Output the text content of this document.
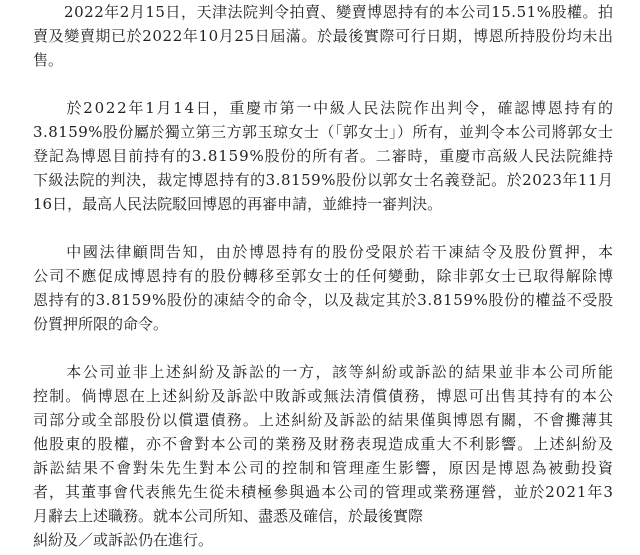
　　2022年2月15日，天津法院判令拍賣、變賣博恩持有的本公司15.51%股權。拍
賣及變賣期已於2022年10月25日屆滿。於最後實際可行日期，博恩所持股份均未出
售。
　　於2022年1月14日，重慶市第一中級人民法院作出判令，確認博恩持有的
3.8159%股份屬於獨立第三方郭玉琼女士（「郭女士」）所有，並判令本公司將郭女士
登記為博恩目前持有的3.8159%股份的所有者。二審時，重慶市高級人民法院維持
下級法院的判決，裁定博恩持有的3.8159%股份以郭女士名義登記。於2023年11月
16日，最高人民法院駁回博恩的再審申請，並維持一審判決。
　　中國法律顧問告知，由於博恩持有的股份受限於若干凍結令及股份質押，本
公司不應促成博恩持有的股份轉移至郭女士的任何變動，除非郭女士已取得解除博
恩持有的3.8159%股份的凍結令的命令，以及裁定其於3.8159%股份的權益不受股
份質押所限的命令。
　　本公司並非上述糾紛及訴訟的一方，該等糾紛或訴訟的結果並非本公司所能
控制。倘博恩在上述糾紛及訴訟中敗訴或無法清償債務，博恩可出售其持有的本公
司部分或全部股份以償還債務。上述糾紛及訴訟的結果僅與博恩有關，不會攤薄其
他股東的股權，亦不會對本公司的業務及財務表現造成重大不利影響。上述糾紛及
訴訟結果不會對朱先生對本公司的控制和管理產生影響，原因是博恩為被動投資
者，其董事會代表熊先生從未積極參與過本公司的管理或業務運營，並於2021年3
月辭去上述職務。就本公司所知、盡悉及確信，於最後實際
糾紛及／或訴訟仍在進行。
